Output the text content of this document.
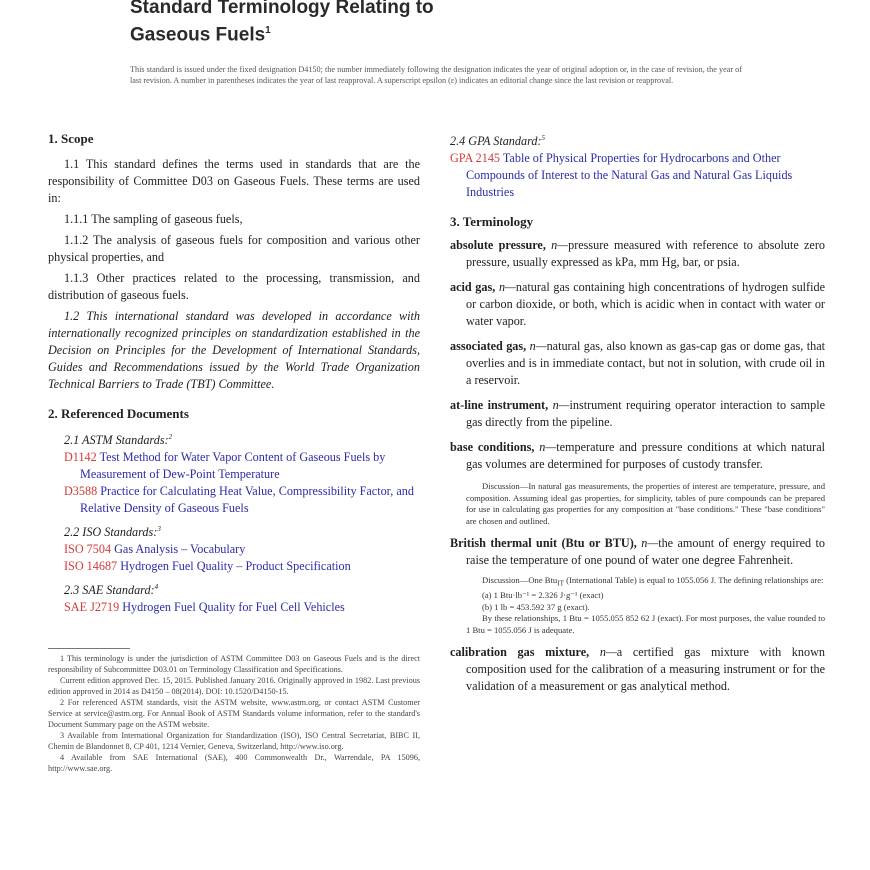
Standard Terminology Relating to
Gaseous Fuels$^1$
This standard is issued under the fixed designation D4150; the number immediately following the designation indicates the year of original adoption or, in the case of revision, the year of last revision. A number in parentheses indicates the year of last reapproval. A superscript epsilon (ε) indicates an editorial change since the last revision or reapproval.

1. Scope

1.1 This standard defines the terms used in standards that are the responsibility of Committee D03 on Gaseous Fuels. These terms are used in:

1.1.1 The sampling of gaseous fuels,

1.1.2 The analysis of gaseous fuels for composition and various other physical properties, and

1.1.3 Other practices related to the processing, transmission, and distribution of gaseous fuels.

1.2 This international standard was developed in accordance with internationally recognized principles on standardization established in the Decision on Principles for the Development of International Standards, Guides and Recommendations issued by the World Trade Organization Technical Barriers to Trade (TBT) Committee.

2. Referenced Documents

2.1 ASTM Standards:$^2$

D1142 Test Method for Water Vapor Content of Gaseous Fuels by Measurement of Dew-Point Temperature

D3588 Practice for Calculating Heat Value, Compressibility Factor, and Relative Density of Gaseous Fuels

2.2 ISO Standards:$^3$

ISO 7504 Gas Analysis – Vocabulary

ISO 14687 Hydrogen Fuel Quality – Product Specification

2.3 SAE Standard:$^4$

SAE J2719 Hydrogen Fuel Quality for Fuel Cell Vehicles

1 This terminology is under the jurisdiction of ASTM Committee D03 on Gaseous Fuels and is the direct responsibility of Subcommittee D03.01 on Terminology Classification and Specifications.

Current edition approved Dec. 15, 2015. Published January 2016. Originally approved in 1982. Last previous edition approved in 2014 as D4150 – 08(2014). DOI: 10.1520/D4150-15.

2 For referenced ASTM standards, visit the ASTM website, www.astm.org, or contact ASTM Customer Service at service@astm.org. For Annual Book of ASTM Standards volume information, refer to the standard's Document Summary page on the ASTM website.

3 Available from International Organization for Standardization (ISO), ISO Central Secretariat, BIBC II, Chemin de Blandonnet 8, CP 401, 1214 Vernier, Geneva, Switzerland, http://www.iso.org.

4 Available from SAE International (SAE), 400 Commonwealth Dr., Warrendale, PA 15096, http://www.sae.org.

2.4 GPA Standard:$^5$

GPA 2145 Table of Physical Properties for Hydrocarbons and Other Compounds of Interest to the Natural Gas and Natural Gas Liquids Industries

3. Terminology

absolute pressure, n—pressure measured with reference to absolute zero pressure, usually expressed as kPa, mm Hg, bar, or psia.

acid gas, n—natural gas containing high concentrations of hydrogen sulfide or carbon dioxide, or both, which is acidic when in contact with water or water vapor.

associated gas, n—natural gas, also known as gas-cap gas or dome gas, that overlies and is in immediate contact, but not in solution, with crude oil in a reservoir.

at-line instrument, n—instrument requiring operator interaction to sample gas directly from the pipeline.

base conditions, n—temperature and pressure conditions at which natural gas volumes are determined for purposes of custody transfer.

Discussion—In natural gas measurements, the properties of interest are temperature, pressure, and composition. Assuming ideal gas properties, for simplicity, tables of pure compounds can be prepared for use in calculating gas properties for any composition at "base conditions." These "base conditions" are chosen and outlined.

British thermal unit (Btu or BTU), n—the amount of energy required to raise the temperature of one pound of water one degree Fahrenheit.

Discussion—One Btu$_{IT}$ (International Table) is equal to 1055.056 J. The defining relationships are:

(a) 1 Btu·lb⁻¹ = 2.326 J·g⁻¹ (exact)

(b) 1 lb = 453.592 37 g (exact).

By these relationships, 1 Btu = 1055.055 852 62 J (exact). For most purposes, the value rounded to 1 Btu = 1055.056 J is adequate.

calibration gas mixture, n—a certified gas mixture with known composition used for the calibration of a measuring instrument or for the validation of a measurement or gas analytical method.
